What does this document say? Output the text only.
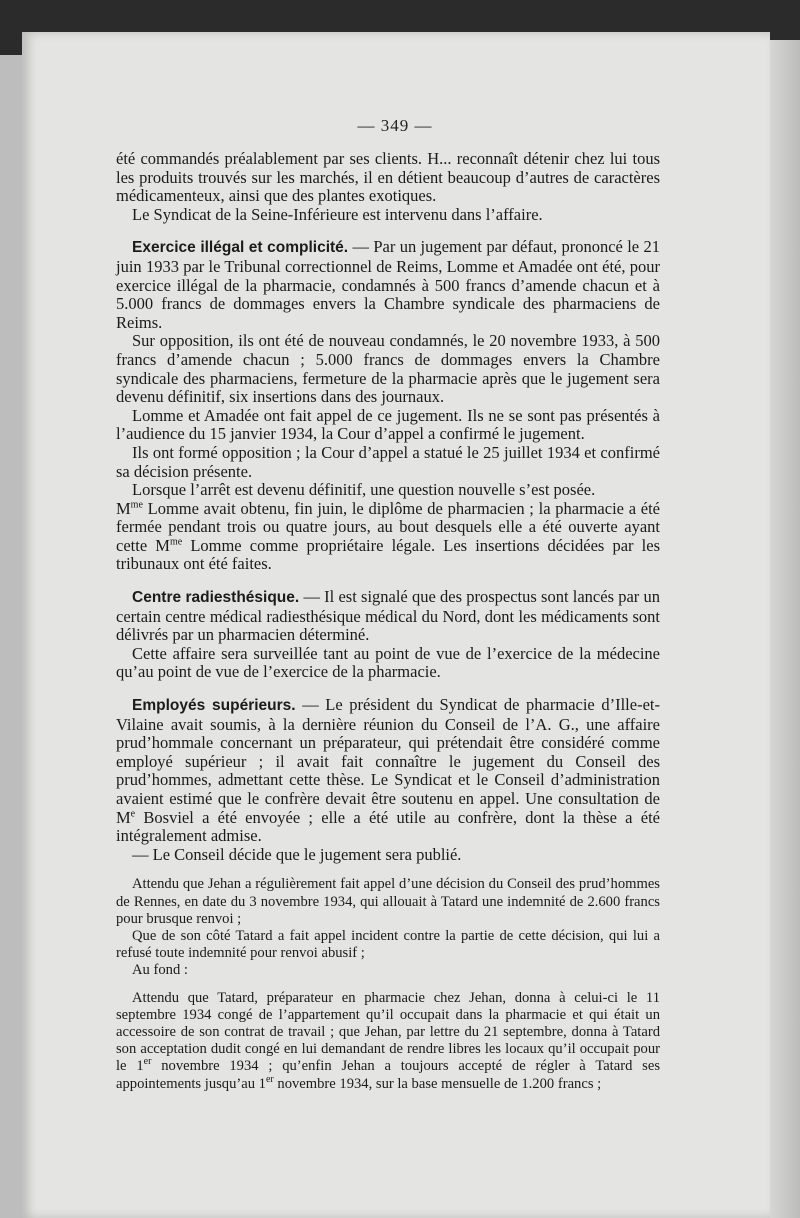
— 349 —

été commandés préalablement par ses clients. H... reconnaît détenir chez lui tous les produits trouvés sur les marchés, il en détient beaucoup d’autres de caractères médicamenteux, ainsi que des plantes exotiques.

Le Syndicat de la Seine-Inférieure est intervenu dans l’affaire.

Exercice illégal et complicité. — Par un jugement par défaut, prononcé le 21 juin 1933 par le Tribunal correctionnel de Reims, Lomme et Amadée ont été, pour exercice illégal de la pharmacie, condamnés à 500 francs d’amende chacun et à 5.000 francs de dommages envers la Chambre syndicale des pharmaciens de Reims.

Sur opposition, ils ont été de nouveau condamnés, le 20 novembre 1933, à 500 francs d’amende chacun ; 5.000 francs de dommages envers la Chambre syndicale des pharmaciens, fermeture de la pharmacie après que le jugement sera devenu définitif, six insertions dans des journaux.

Lomme et Amadée ont fait appel de ce jugement. Ils ne se sont pas présentés à l’audience du 15 janvier 1934, la Cour d’appel a confirmé le jugement.

Ils ont formé opposition ; la Cour d’appel a statué le 25 juillet 1934 et confirmé sa décision présente.

Lorsque l’arrêt est devenu définitif, une question nouvelle s’est posée.

$M^{me}$ Lomme avait obtenu, fin juin, le diplôme de pharmacien ; la pharmacie a été fermée pendant trois ou quatre jours, au bout desquels elle a été ouverte ayant cette $M^{me}$ Lomme comme propriétaire légale. Les insertions décidées par les tribunaux ont été faites.

Centre radiesthésique. — Il est signalé que des prospectus sont lancés par un certain centre médical radiesthésique médical du Nord, dont les médicaments sont délivrés par un pharmacien déterminé.

Cette affaire sera surveillée tant au point de vue de l’exercice de la médecine qu’au point de vue de l’exercice de la pharmacie.

Employés supérieurs. — Le président du Syndicat de pharmacie d’Ille-et-Vilaine avait soumis, à la dernière réunion du Conseil de l’A. G., une affaire prud’hommale concernant un préparateur, qui prétendait être considéré comme employé supérieur ; il avait fait connaître le jugement du Conseil des prud’hommes, admettant cette thèse. Le Syndicat et le Conseil d’administration avaient estimé que le confrère devait être soutenu en appel. Une consultation de Me Bosviel a été envoyée ; elle a été utile au confrère, dont la thèse a été intégralement admise.

— Le Conseil décide que le jugement sera publié.

Attendu que Jehan a régulièrement fait appel d’une décision du Conseil des prud’hommes de Rennes, en date du 3 novembre 1934, qui allouait à Tatard une indemnité de 2.600 francs pour brusque renvoi ;

Que de son côté Tatard a fait appel incident contre la partie de cette décision, qui lui a refusé toute indemnité pour renvoi abusif ;

Au fond :

Attendu que Tatard, préparateur en pharmacie chez Jehan, donna à celui-ci le 11 septembre 1934 congé de l’appartement qu’il occupait dans la pharmacie et qui était un accessoire de son contrat de travail ; que Jehan, par lettre du 21 septembre, donna à Tatard son acceptation dudit congé en lui demandant de rendre libres les locaux qu’il occupait pour le 1er novembre 1934 ; qu’enfin Jehan a toujours accepté de régler à Tatard ses appointements jusqu’au 1er novembre 1934, sur la base mensuelle de 1.200 francs ;
